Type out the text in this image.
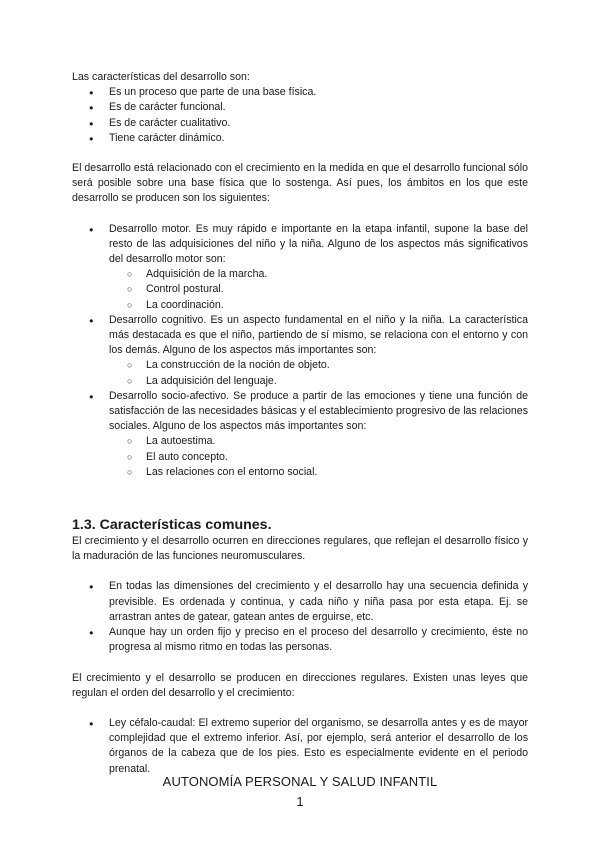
Las características del desarrollo son:

● Es un proceso que parte de una base física.
● Es de carácter funcional.
● Es de carácter cualitativo.
● Tiene carácter dinámico.

El desarrollo está relacionado con el crecimiento en la medida en que el desarrollo funcional sólo será posible sobre una base física que lo sostenga. Así pues, los ámbitos en los que este desarrollo se producen son los siguientes:

● Desarrollo motor. Es muy rápido e importante en la etapa infantil, supone la base del resto de las adquisiciones del niño y la niña. Alguno de los aspectos más significativos del desarrollo motor son:
○ Adquisición de la marcha.
○ Control postural.
○ La coordinación.
● Desarrollo cognitivo. Es un aspecto fundamental en el niño y la niña. La característica más destacada es que el niño, partiendo de sí mismo, se relaciona con el entorno y con los demás. Alguno de los aspectos más importantes son:
○ La construcción de la noción de objeto.
○ La adquisición del lenguaje.
● Desarrollo socio-afectivo. Se produce a partir de las emociones y tiene una función de satisfacción de las necesidades básicas y el establecimiento progresivo de las relaciones sociales. Alguno de los aspectos más importantes son:
○ La autoestima.
○ El auto concepto.
○ Las relaciones con el entorno social.
1.3. Características comunes.

El crecimiento y el desarrollo ocurren en direcciones regulares, que reflejan el desarrollo físico y la maduración de las funciones neuromusculares.

● En todas las dimensiones del crecimiento y el desarrollo hay una secuencia definida y previsible. Es ordenada y continua, y cada niño y niña pasa por esta etapa. Ej. se arrastran antes de gatear, gatean antes de erguirse, etc.
● Aunque hay un orden fijo y preciso en el proceso del desarrollo y crecimiento, éste no progresa al mismo ritmo en todas las personas.

El crecimiento y el desarrollo se producen en direcciones regulares. Existen unas leyes que regulan el orden del desarrollo y el crecimiento:

● Ley céfalo-caudal: El extremo superior del organismo, se desarrolla antes y es de mayor complejidad que el extremo inferior. Así, por ejemplo, será anterior el desarrollo de los órganos de la cabeza que de los pies. Esto es especialmente evidente en el periodo prenatal.
AUTONOMÍA PERSONAL Y SALUD INFANTIL
1
